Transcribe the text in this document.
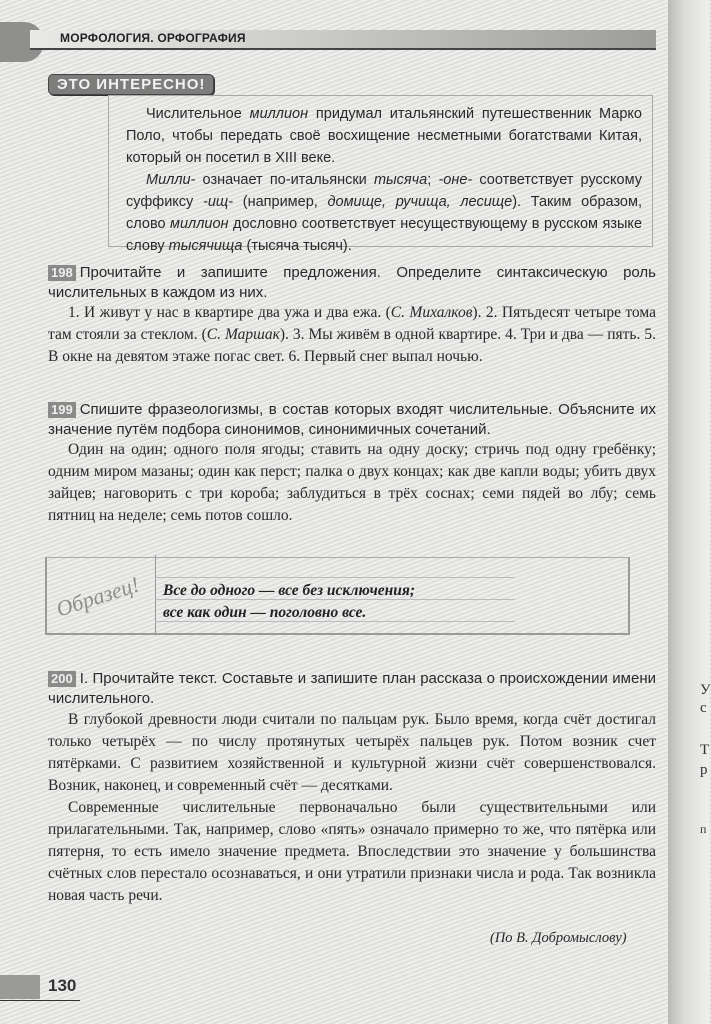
У
с
Т
р
п
МОРФОЛОГИЯ. ОРФОГРАФИЯ
ЭТО ИНТЕРЕСНО!

Числительное миллион придумал итальянский путешественник Марко Поло, чтобы передать своё восхищение несметными богатствами Китая, который он посетил в XIII веке.

Милли- означает по-итальянски тысяча; -оне- соответствует русскому суффиксу -ищ- (например, домище, ручища, лесище). Таким образом, слово миллион дословно соответствует несуществующему в русском языке слову тысячища (тысяча тысяч).

198 Прочитайте и запишите предложения. Определите синтаксическую роль числительных в каждом из них.

1. И живут у нас в квартире два ужа и два ежа. (С. Михалков). 2. Пятьдесят четыре тома там стояли за стеклом. (С. Маршак). 3. Мы живём в одной квартире. 4. Три и два — пять. 5. В окне на девятом этаже погас свет. 6. Первый снег выпал ночью.

199 Спишите фразеологизмы, в состав которых входят числительные. Объясните их значение путём подбора синонимов, синонимичных сочетаний.

Один на один; одного поля ягоды; ставить на одну доску; стричь под одну гребёнку; одним миром мазаны; один как перст; палка о двух концах; как две капли воды; убить двух зайцев; наговорить с три короба; заблудиться в трёх соснах; семи пядей во лбу; семь пятниц на неделе; семь потов сошло.

Образец! Все до одного — все без исключения;
все как один — поголовно все.
200 I. Прочитайте текст. Составьте и запишите план рассказа о происхождении имени числительного.

В глубокой древности люди считали по пальцам рук. Было время, когда счёт достигал только четырёх — по числу протянутых четырёх пальцев рук. Потом возник счет пятёрками. С развитием хозяйственной и культурной жизни счёт совершенствовался. Возник, наконец, и современный счёт — десятками.

Современные числительные первоначально были существительными или прилагательными. Так, например, слово «пять» означало примерно то же, что пятёрка или пятерня, то есть имело значение предмета. Впоследствии это значение у большинства счётных слов перестало осознаваться, и они утратили признаки числа и рода. Так возникла новая часть речи.

(По В. Добромыслову)
130
